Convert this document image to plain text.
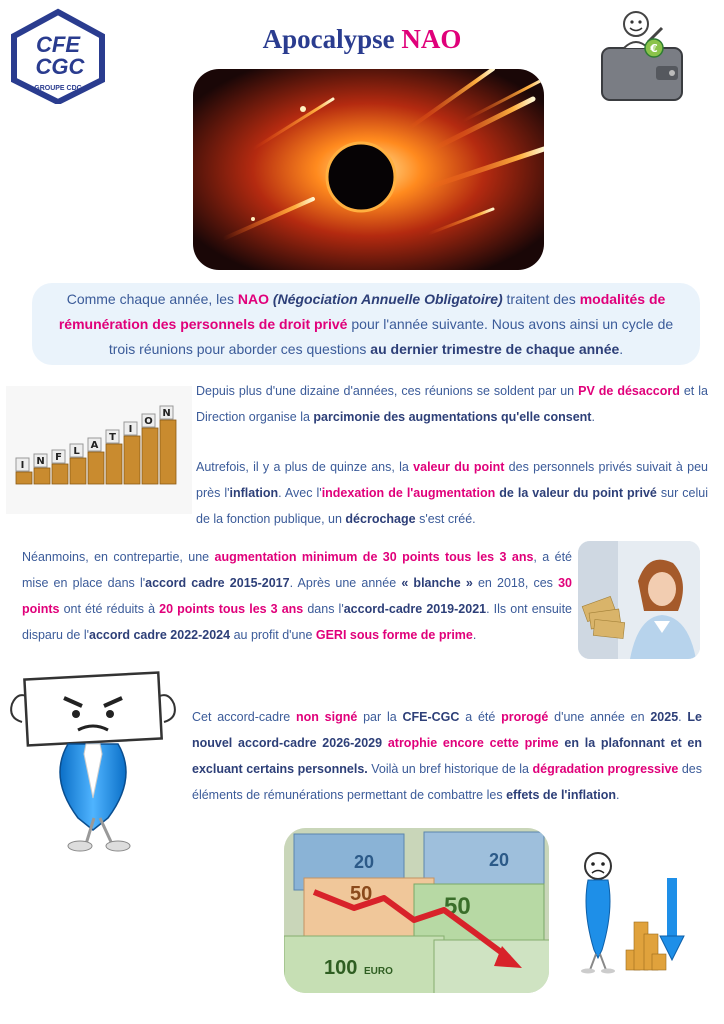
CFE
CGC
GROUPE CDC
Apocalypse NAO	€

Comme chaque année, les NAO (Négociation Annuelle Obligatoire) traitent des modalités de rémunération des personnels de droit privé pour l'année suivante. Nous avons ainsi un cycle de trois réunions pour aborder ces questions au dernier trimestre de chaque année.

I N F
L
A
T
I
O
N

Depuis plus d'une dizaine d'années, ces réunions se soldent par un PV de désaccord et la Direction organise la parcimonie des augmentations qu'elle consent.

Autrefois, il y a plus de quinze ans, la valeur du point des personnels privés suivait à peu près l'inflation. Avec l'indexation de l'augmentation de la valeur du point privé sur celui de la fonction publique, un décrochage s'est créé.

Néanmoins, en contrepartie, une augmentation minimum de 30 points tous les 3 ans, a été mise en place dans l'accord cadre 2015-2017. Après une année « blanche » en 2018, ces 30 points ont été réduits à 20 points tous les 3 ans dans l'accord-cadre 2019-2021. Ils ont ensuite disparu de l'accord cadre 2022-2024 au profit d'une GERI sous forme de prime.

Cet accord-cadre non signé par la CFE-CGC a été prorogé d'une année en 2025. Le nouvel accord-cadre 2026-2029 atrophie encore cette prime en la plafonnant et en excluant certains personnels. Voilà un bref historique de la dégradation progressive des éléments de rémunérations permettant de combattre les effets de l'inflation.

20	20
50	50
100 EURO
